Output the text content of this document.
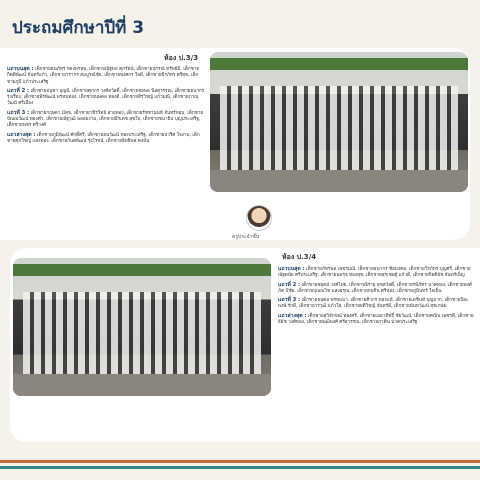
ประถมศึกษาปีที่ 3
ห้อง ป.3/3
ครูประจำชั้น
แถวบนสุด : เด็กชายธนภัทร ทองพรหม, เด็กชายณัฐพล ศุภรัตน์, เด็กชายปกรณ์ ทรัพย์มี, เด็กชายกิตติพัฒน์ จันทร์แก้ว, เด็กชายวรากร สมบูรณ์ชัย, เด็กชายพงศกร ใจดี, เด็กชายธีรภัทร ศรีสุข, เด็กชายภูมิ แก้วประเสริฐ
แถวที่ 2 : เด็กชายอนุชา บุญมี, เด็กชายศุภกร วงศ์สวัสดิ์, เด็กชายชยพล นิลสุวรรณ, เด็กชายธนากร รุ่งเรือง, เด็กชายพีรพัฒน์ พรหมทอง, เด็กชายนพดล ทองดี, เด็กชายสิรวิชญ์ แก้วมณี, เด็กชายภาณุวัฒน์ ศรีเมือง
แถวที่ 3 : เด็กชายกฤษดา มีสุข, เด็กชายวชิรวิทย์ สายทอง, เด็กชายรัชชานนท์ จันทร์หอม, เด็กชายปัณณวัฒน์ ทองคำ, เด็กชายณัฐวุฒิ พลอยงาม, เด็กชายธีรเดช สุขใจ, เด็กชายชนาธิป บุญประเสริฐ, เด็กชายพชร ศรีวงศ์
แถวล่างสุด : เด็กชายภูมิพัฒน์ ศักดิ์ศรี, เด็กชายธนวัฒน์ ทองประเสริฐ, เด็กชายปวริศ ใจงาม, เด็กชายศุภวิชญ์ แสงทอง, เด็กชายกันตพัฒน์ รุ่งโรจน์, เด็กชายอิทธิพล คงมั่น
ห้อง ป.3/4
แถวบนสุด : เด็กชายภัทรพล เพชรมณี, เด็กชายธนากร ชัยมงคล, เด็กชายวีรภัทร บุญศรี, เด็กชายณัฐดนัย ศรีประเสริฐ, เด็กชายนพรุจ ทองสุข, เด็กชายสุรเชษฐ์ แก้วดี, เด็กชายกิตติธัช จันทร์เพ็ญ
แถวที่ 2 : เด็กชายชยุตม์ วงศ์ไทย, เด็กชายจิรายุ สุขสวัสดิ์, เด็กชายรพีภัทร นาคทอง, เด็กชายพงศ์ภัค มีชัย, เด็กชายปุณณวิช แสงอรุณ, เด็กชายกฤติน ศรีทอง, เด็กชายภูมินทร์ ใจเย็น
แถวที่ 3 : เด็กชายธนดล พรหมมา, เด็กชายศิวกร ทองแท้, เด็กชายเตชินท์ บุญมาก, เด็กชายปิยะพงษ์ รักดี, เด็กชายวรวุฒิ แก้วใส, เด็กชายอติวิชญ์ จันทร์ดี, เด็กชายนันทวัฒน์ สุขเกษม
แถวล่างสุด : เด็กชายสุวิจักขณ์ ทองศรี, เด็กชายเมธาสิทธิ์ ชัยวัฒน์, เด็กชายคณิน เพชรดี, เด็กชายธีธัช วงศ์ทอง, เด็กชายพุฒิพงศ์ ศรีสุวรรณ, เด็กชายภาคิน นาคประเสริฐ
